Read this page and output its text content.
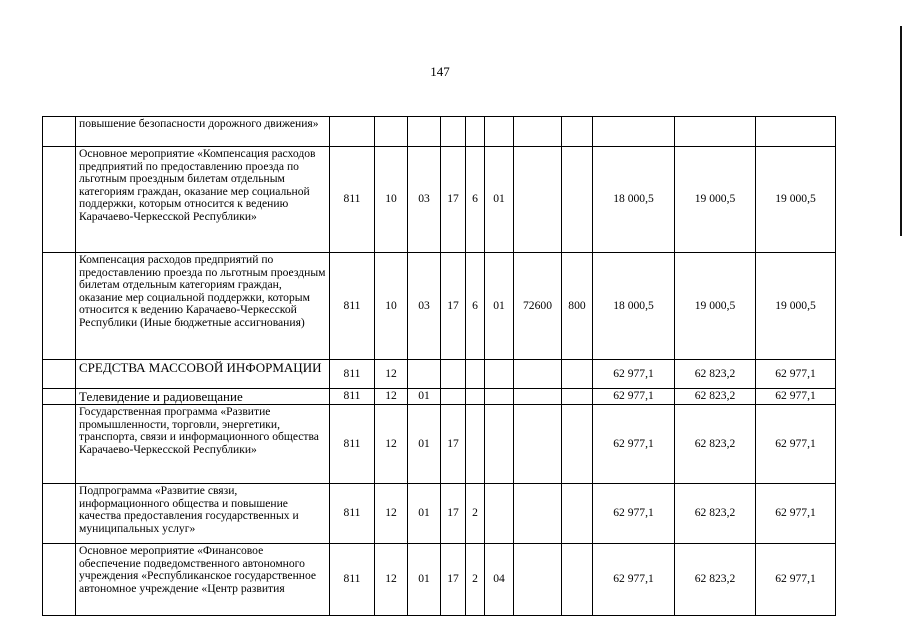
147
	повышение безопасности дорожного движения»											
	Основное мероприятие «Компенсация расходов предприятий по предоставлению проезда по льготным проездным билетам отдельным категориям граждан, оказание мер социальной поддержки, которым относится к ведению Карачаево-Черкесской Республики»	811	10	03	17	6	01			18 000,5	19 000,5	19 000,5
	Компенсация расходов предприятий по предоставлению проезда по льготным проездным билетам отдельным категориям граждан, оказание мер социальной поддержки, которым относится к ведению Карачаево-Черкесской Республики (Иные бюджетные ассигнования)	811	10	03	17	6	01	72600	800	18 000,5	19 000,5	19 000,5
	СРЕДСТВА МАССОВОЙ ИНФОРМАЦИИ	811	12							62 977,1	62 823,2	62 977,1
	Телевидение и радиовещание	811	12	01						62 977,1	62 823,2	62 977,1
	Государственная программа «Развитие промышленности, торговли, энергетики, транспорта, связи и информационного общества Карачаево-Черкесской Республики»	811	12	01	17					62 977,1	62 823,2	62 977,1
	Подпрограмма «Развитие связи, информационного общества и повышение качества предоставления государственных и муниципальных услуг»	811	12	01	17	2				62 977,1	62 823,2	62 977,1
	Основное мероприятие «Финансовое обеспечение подведомственного автономного учреждения «Республиканское государственное автономное учреждение «Центр развития	811	12	01	17	2	04			62 977,1	62 823,2	62 977,1
